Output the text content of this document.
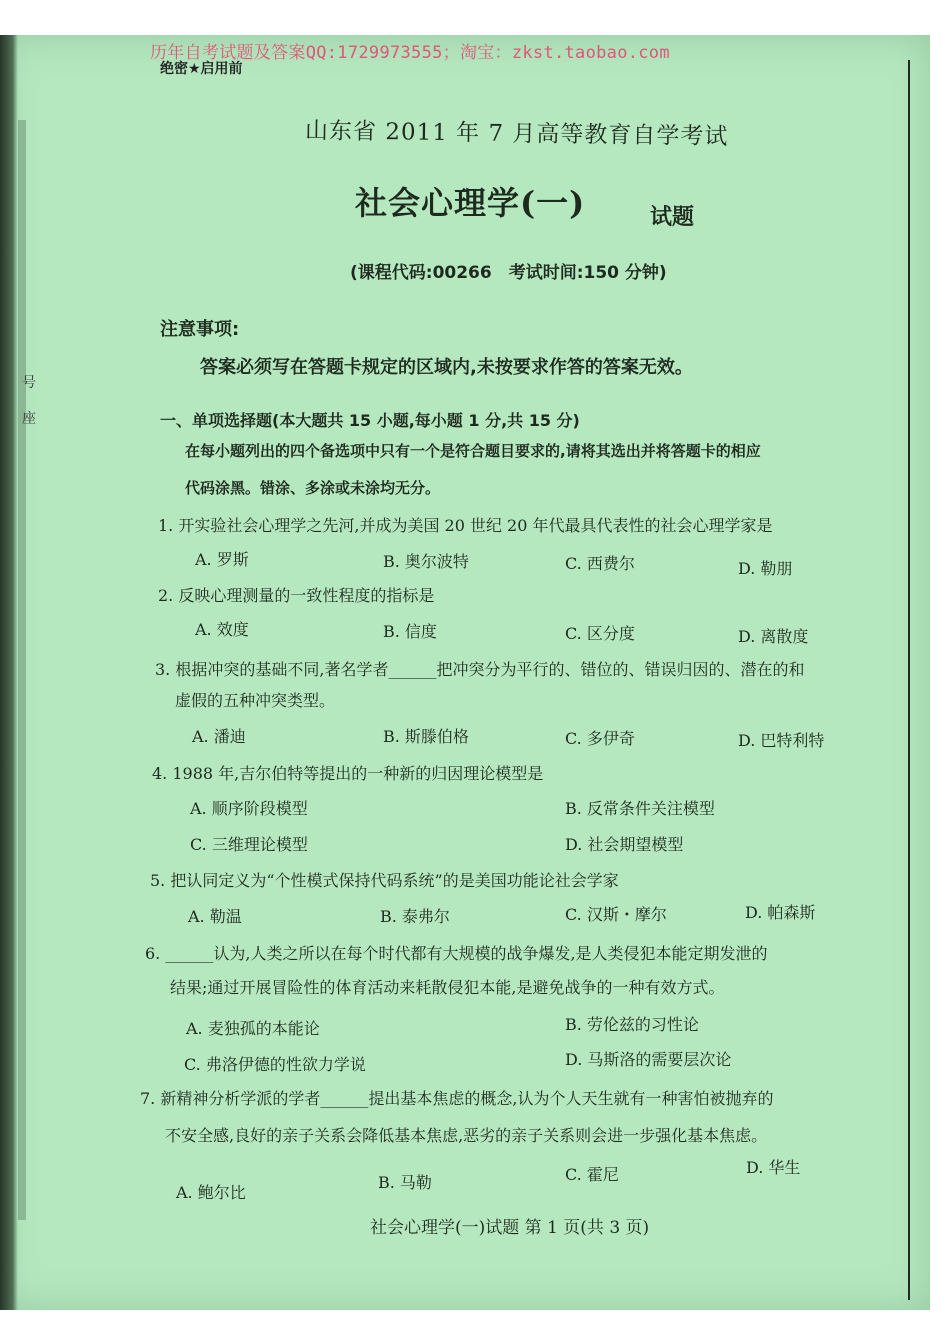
历年自考试题及答案QQ:1729973555；淘宝：zkst.taobao.com
绝密★启用前
号
座
山东省 2011 年 7 月高等教育自学考试
社会心理学(一)	试题
(课程代码:00266　考试时间:150 分钟)
注意事项:
答案必须写在答题卡规定的区域内,未按要求作答的答案无效。
一、单项选择题(本大题共 15 小题,每小题 1 分,共 15 分)
在每小题列出的四个备选项中只有一个是符合题目要求的,请将其选出并将答题卡的相应
代码涂黑。错涂、多涂或未涂均无分。
1. 开实验社会心理学之先河,并成为美国 20 世纪 20 年代最具代表性的社会心理学家是
A. 罗斯	B. 奥尔波特	C. 西费尔	D. 勒朋
2. 反映心理测量的一致性程度的指标是
A. 效度	B. 信度	C. 区分度	D. 离散度
3. 根据冲突的基础不同,著名学者______把冲突分为平行的、错位的、错误归因的、潜在的和
虚假的五种冲突类型。
A. 潘迪	B. 斯滕伯格	C. 多伊奇	D. 巴特利特
4. 1988 年,吉尔伯特等提出的一种新的归因理论模型是
A. 顺序阶段模型	B. 反常条件关注模型
C. 三维理论模型	D. 社会期望模型
5. 把认同定义为“个性模式保持代码系统”的是美国功能论社会学家
A. 勒温	B. 泰弗尔	C. 汉斯・摩尔	D. 帕森斯
6. ______认为,人类之所以在每个时代都有大规模的战争爆发,是人类侵犯本能定期发泄的
结果;通过开展冒险性的体育活动来耗散侵犯本能,是避免战争的一种有效方式。
A. 麦独孤的本能论	B. 劳伦兹的习性论
C. 弗洛伊德的性欲力学说	D. 马斯洛的需要层次论
7. 新精神分析学派的学者______提出基本焦虑的概念,认为个人天生就有一种害怕被抛弃的
不安全感,良好的亲子关系会降低基本焦虑,恶劣的亲子关系则会进一步强化基本焦虑。
A. 鲍尔比
B. 马勒	C. 霍尼	D. 华生
社会心理学(一)试题 第 1 页(共 3 页)
